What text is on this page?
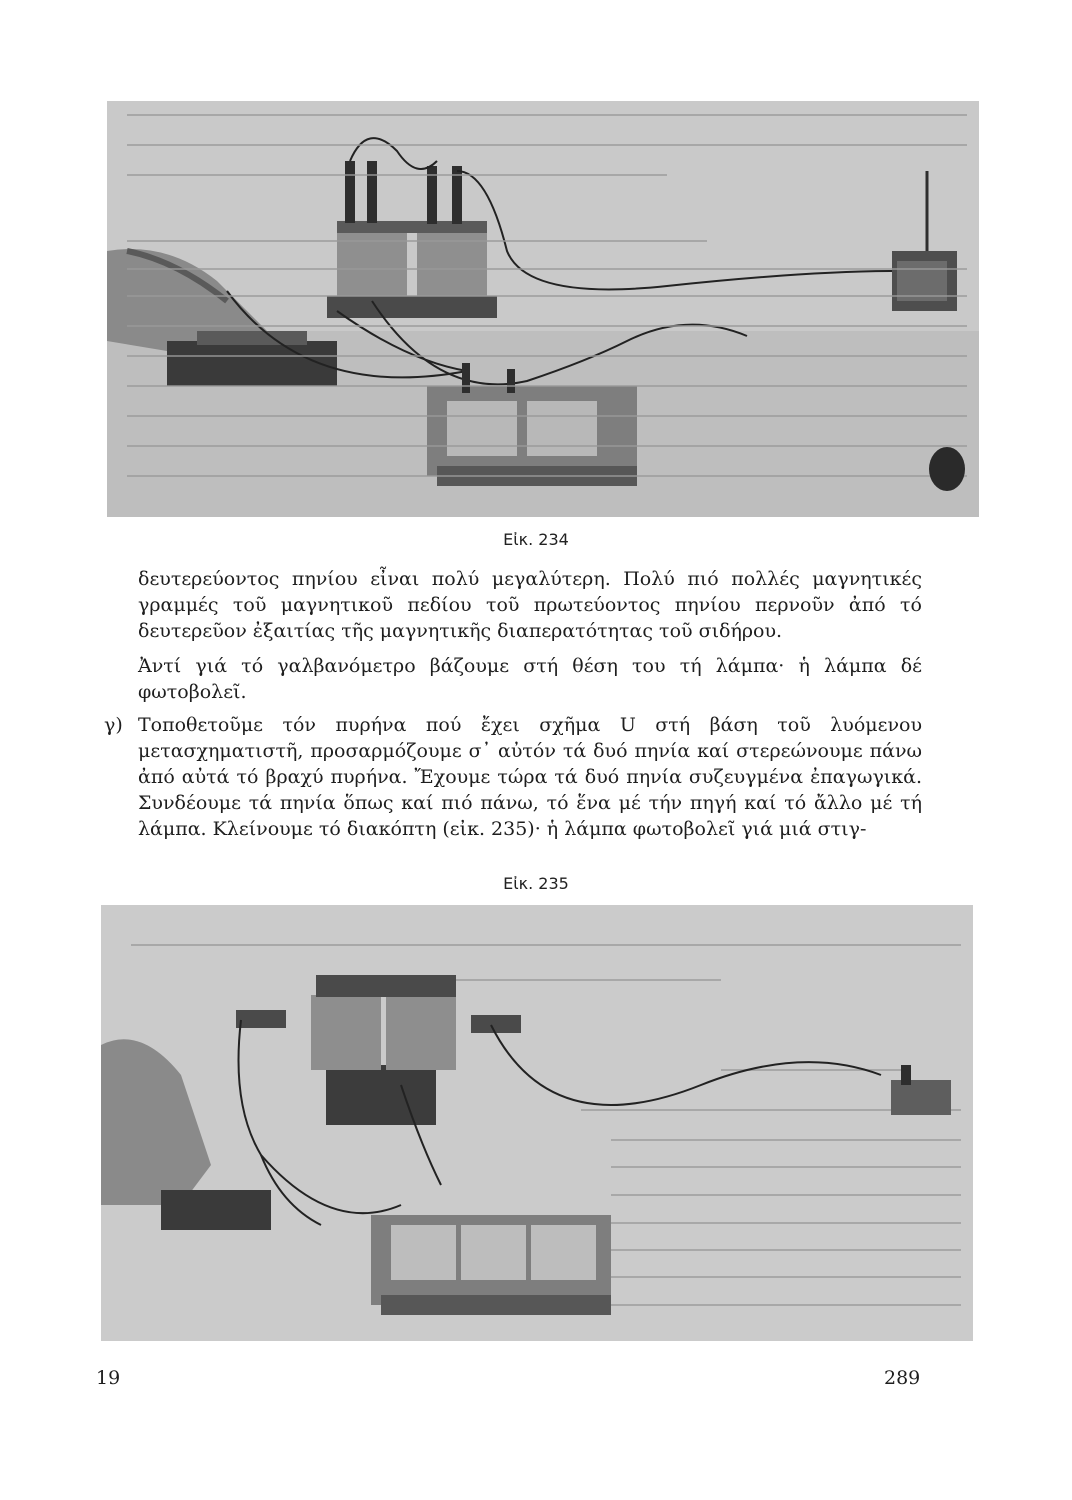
Εἰκ. 234
δευτερεύοντος πηνίου εἶναι πολύ μεγαλύτερη. Πολύ πιό πολλές μαγνητικές γραμμές τοῦ μαγνητικοῦ πεδίου τοῦ πρωτεύοντος πηνίου περνοῦν ἀπό τό δευτερεῦον ἐξαιτίας τῆς μαγνητικῆς διαπερατότητας τοῦ σιδήρου.
Ἀντί γιά τό γαλβανόμετρο βάζουμε στή θέση του τή λάμπα· ἡ λάμπα δέ φωτοβολεῖ.
γ) Τοποθετοῦμε τόν πυρήνα πού ἔχει σχῆμα U στή βάση τοῦ λυόμενου μετασχηματιστῆ, προσαρμόζουμε σ᾽ αὐτόν τά δυό πηνία καί στερεώνουμε πάνω ἀπό αὐτά τό βραχύ πυρήνα. Ἔχουμε τώρα τά δυό πηνία συζευγμένα ἐπαγωγικά. Συνδέουμε τά πηνία ὅπως καί πιό πάνω, τό ἕνα μέ τήν πηγή καί τό ἄλλο μέ τή λάμπα. Κλείνουμε τό διακόπτη (εἰκ. 235)· ἡ λάμπα φωτοβολεῖ γιά μιά στιγ-
Εἰκ. 235
19	289
